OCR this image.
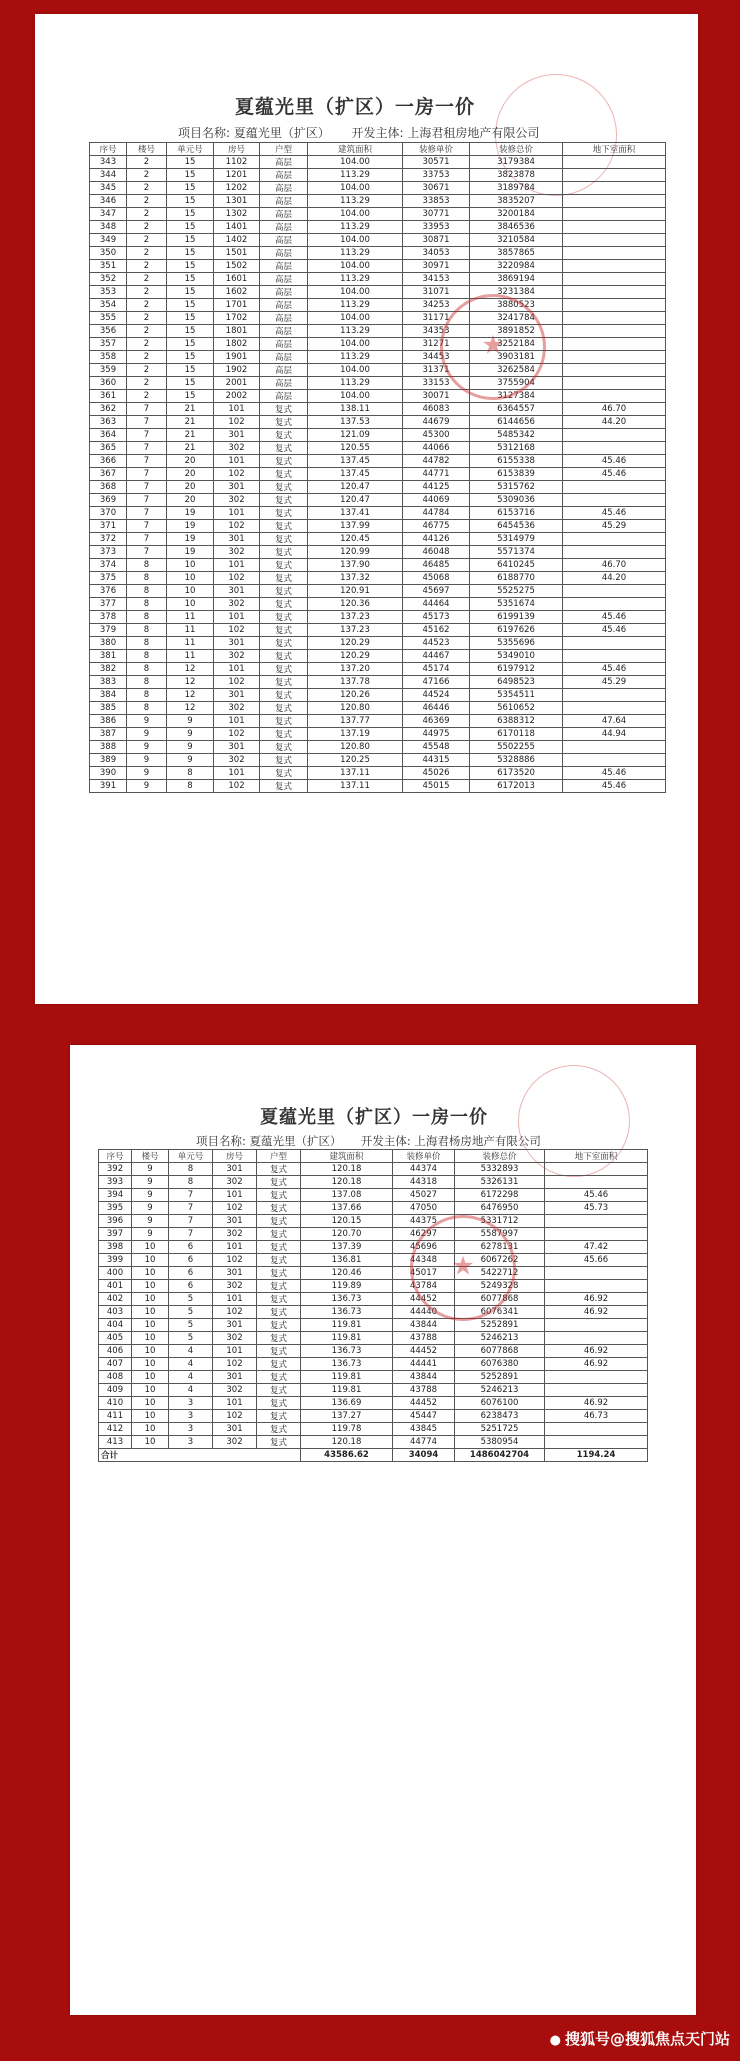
夏蕴光里（扩区）一房一价
项目名称: 夏蕴光里（扩区） 开发主体: 上海君租房地产有限公司
序号	楼号	单元号	房号	户型	建筑面积	装修单价	装修总价	地下室面积
343	2	15	1102	高层	104.00	30571	3179384	
344	2	15	1201	高层	113.29	33753	3823878	
345	2	15	1202	高层	104.00	30671	3189784	
346	2	15	1301	高层	113.29	33853	3835207	
347	2	15	1302	高层	104.00	30771	3200184	
348	2	15	1401	高层	113.29	33953	3846536	
349	2	15	1402	高层	104.00	30871	3210584	
350	2	15	1501	高层	113.29	34053	3857865	
351	2	15	1502	高层	104.00	30971	3220984	
352	2	15	1601	高层	113.29	34153	3869194	
353	2	15	1602	高层	104.00	31071	3231384	
354	2	15	1701	高层	113.29	34253	3880523	
355	2	15	1702	高层	104.00	31171	3241784	
356	2	15	1801	高层	113.29	34353	3891852	
357	2	15	1802	高层	104.00	31271	3252184	
358	2	15	1901	高层	113.29	34453	3903181	
359	2	15	1902	高层	104.00	31371	3262584	
360	2	15	2001	高层	113.29	33153	3755904	
361	2	15	2002	高层	104.00	30071	3127384	
362	7	21	101	复式	138.11	46083	6364557	46.70
363	7	21	102	复式	137.53	44679	6144656	44.20
364	7	21	301	复式	121.09	45300	5485342	
365	7	21	302	复式	120.55	44066	5312168	
366	7	20	101	复式	137.45	44782	6155338	45.46
367	7	20	102	复式	137.45	44771	6153839	45.46
368	7	20	301	复式	120.47	44125	5315762	
369	7	20	302	复式	120.47	44069	5309036	
370	7	19	101	复式	137.41	44784	6153716	45.46
371	7	19	102	复式	137.99	46775	6454536	45.29
372	7	19	301	复式	120.45	44126	5314979	
373	7	19	302	复式	120.99	46048	5571374	
374	8	10	101	复式	137.90	46485	6410245	46.70
375	8	10	102	复式	137.32	45068	6188770	44.20
376	8	10	301	复式	120.91	45697	5525275	
377	8	10	302	复式	120.36	44464	5351674	
378	8	11	101	复式	137.23	45173	6199139	45.46
379	8	11	102	复式	137.23	45162	6197626	45.46
380	8	11	301	复式	120.29	44523	5355696	
381	8	11	302	复式	120.29	44467	5349010	
382	8	12	101	复式	137.20	45174	6197912	45.46
383	8	12	102	复式	137.78	47166	6498523	45.29
384	8	12	301	复式	120.26	44524	5354511	
385	8	12	302	复式	120.80	46446	5610652	
386	9	9	101	复式	137.77	46369	6388312	47.64
387	9	9	102	复式	137.19	44975	6170118	44.94
388	9	9	301	复式	120.80	45548	5502255	
389	9	9	302	复式	120.25	44315	5328886	
390	9	8	101	复式	137.11	45026	6173520	45.46
391	9	8	102	复式	137.11	45015	6172013	45.46
★
夏蕴光里（扩区）一房一价
项目名称: 夏蕴光里（扩区） 开发主体: 上海君杨房地产有限公司
序号	楼号	单元号	房号	户型	建筑面积	装修单价	装修总价	地下室面积
392	9	8	301	复式	120.18	44374	5332893	
393	9	8	302	复式	120.18	44318	5326131	
394	9	7	101	复式	137.08	45027	6172298	45.46
395	9	7	102	复式	137.66	47050	6476950	45.73
396	9	7	301	复式	120.15	44375	5331712	
397	9	7	302	复式	120.70	46297	5587997	
398	10	6	101	复式	137.39	45696	6278131	47.42
399	10	6	102	复式	136.81	44348	6067262	45.66
400	10	6	301	复式	120.46	45017	5422712	
401	10	6	302	复式	119.89	43784	5249328	
402	10	5	101	复式	136.73	44452	6077868	46.92
403	10	5	102	复式	136.73	44440	6076341	46.92
404	10	5	301	复式	119.81	43844	5252891	
405	10	5	302	复式	119.81	43788	5246213	
406	10	4	101	复式	136.73	44452	6077868	46.92
407	10	4	102	复式	136.73	44441	6076380	46.92
408	10	4	301	复式	119.81	43844	5252891	
409	10	4	302	复式	119.81	43788	5246213	
410	10	3	101	复式	136.69	44452	6076100	46.92
411	10	3	102	复式	137.27	45447	6238473	46.73
412	10	3	301	复式	119.78	43845	5251725	
413	10	3	302	复式	120.18	44774	5380954	
合计					43586.62	34094	1486042704	1194.24
★
● 搜狐号@搜狐焦点天门站
